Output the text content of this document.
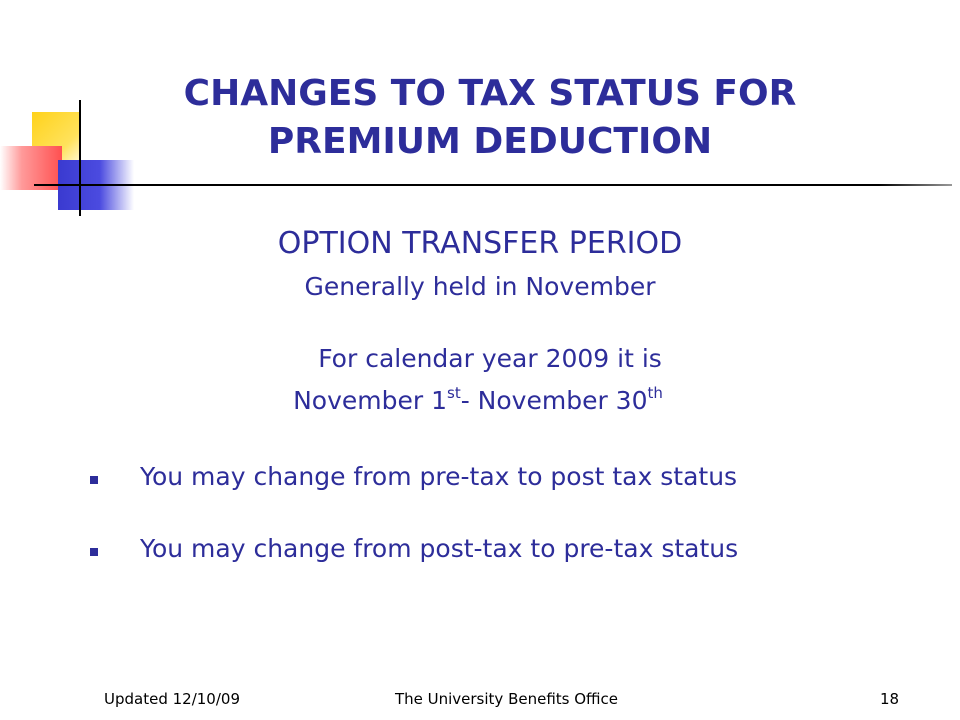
CHANGES TO TAX STATUS FOR
PREMIUM DEDUCTION
OPTION TRANSFER PERIOD
Generally held in November
For calendar year 2009 it is
November 1st- November 30th
You may change from pre-tax to post tax status
You may change from post-tax to pre-tax status
Updated 12/10/09	The University Benefits Office	18
